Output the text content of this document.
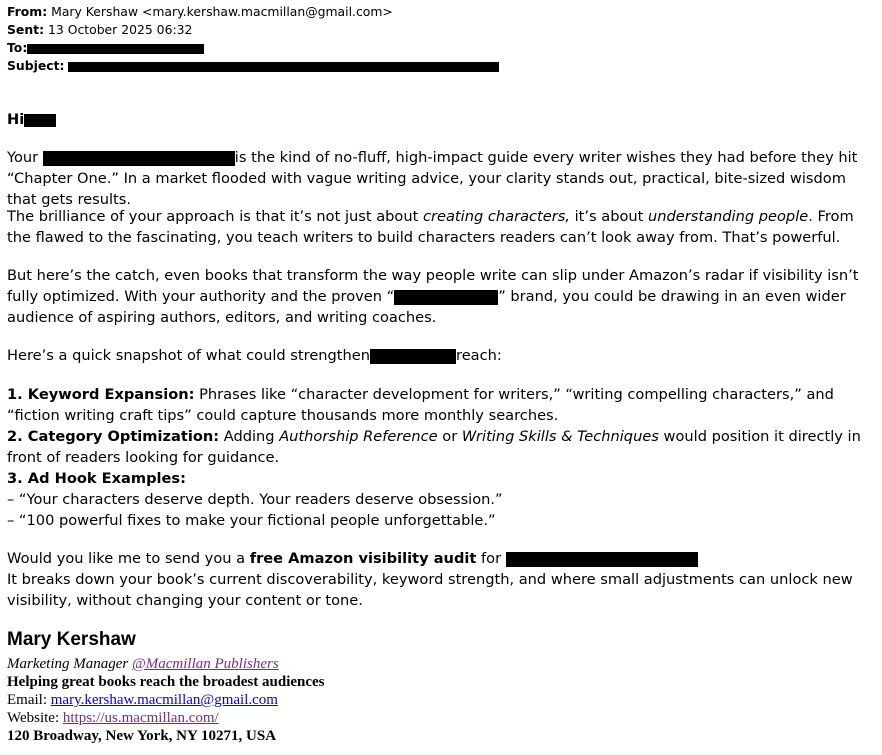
From: Mary Kershaw <mary.kershaw.macmillan@gmail.com>
Sent: 13 October 2025 06:32
To:
Subject:
Hi
Your	is the kind of no-fluff, high-impact guide every writer wishes they had before they hit “Chapter One.” In a market flooded with vague writing advice, your clarity stands out, practical, bite-sized wisdom that gets results.
The brilliance of your approach is that it’s not just about creating characters, it’s about understanding people. From the flawed to the fascinating, you teach writers to build characters readers can’t look away from. That’s powerful.
But here’s the catch, even books that transform the way people write can slip under Amazon’s radar if visibility isn’t fully optimized. With your authority and the proven “	” brand, you could be drawing in an even wider audience of aspiring authors, editors, and writing coaches.
Here’s a quick snapshot of what could strengthen	reach:
1. Keyword Expansion: Phrases like “character development for writers,” “writing compelling characters,” and “fiction writing craft tips” could capture thousands more monthly searches.
2. Category Optimization: Adding Authorship Reference or Writing Skills & Techniques would position it directly in front of readers looking for guidance.
3. Ad Hook Examples:
– “Your characters deserve depth. Your readers deserve obsession.”
– “100 powerful fixes to make your fictional people unforgettable.”
Would you like me to send you a free Amazon visibility audit for
It breaks down your book’s current discoverability, keyword strength, and where small adjustments can unlock new visibility, without changing your content or tone.
Mary Kershaw
Marketing Manager @Macmillan Publishers
Helping great books reach the broadest audiences
Email: mary.kershaw.macmillan@gmail.com
Website: https://us.macmillan.com/
120 Broadway, New York, NY 10271, USA
